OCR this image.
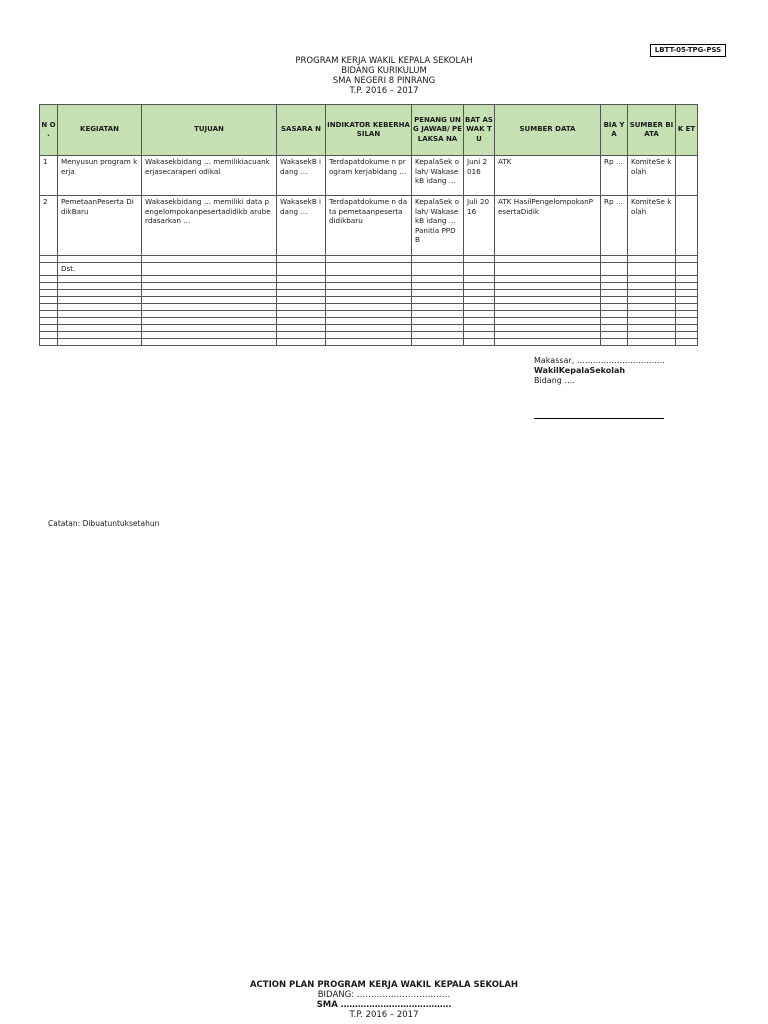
LBTT-05-TPG-PSS
PROGRAM KERJA WAKIL KEPALA SEKOLAH
BIDANG KURIKULUM
SMA NEGERI 8 PINRANG
T.P. 2016 – 2017
N O .	KEGIATAN	TUJUAN	SASARA N	INDIKATOR KEBERHASILAN	PENANG UNG JAWAB/ PELAKSA NA	BAT AS WAK TU	SUMBER DATA	BIA YA	SUMBER BIATA	K ET
1	Menyusun program kerja	Wakasekbidang … memilikiacuankerjasecaraperi odikal	WakasekB idang …	Terdapatdokume n program kerjabidang …	KepalaSek olah/ WakasekB idang …	Juni 2016	ATK	Rp …	KomiteSe kolah	
2	PemetaanPeserta DidikBaru	Wakasekbidang … memiliki data pengelompokanpesertadidikb aruberdasarkan …	WakasekB idang …	Terdapatdokume n data pemetaanpeserta didikbaru	KepalaSek olah/ WakasekB idang … Panitia PPDB	Juli 2016	ATK HasilPengelompokanP esertaDidik	Rp …	KomiteSe kolah	

	Dst.									

Makassar, ……………………………
WakilKepalaSekolah
Bidang ….
Catatan: Dibuatuntuksetahun
ACTION PLAN PROGRAM KERJA WAKIL KEPALA SEKOLAH
BIDANG: ……………………………
SMA …………………………………
T.P. 2016 – 2017
